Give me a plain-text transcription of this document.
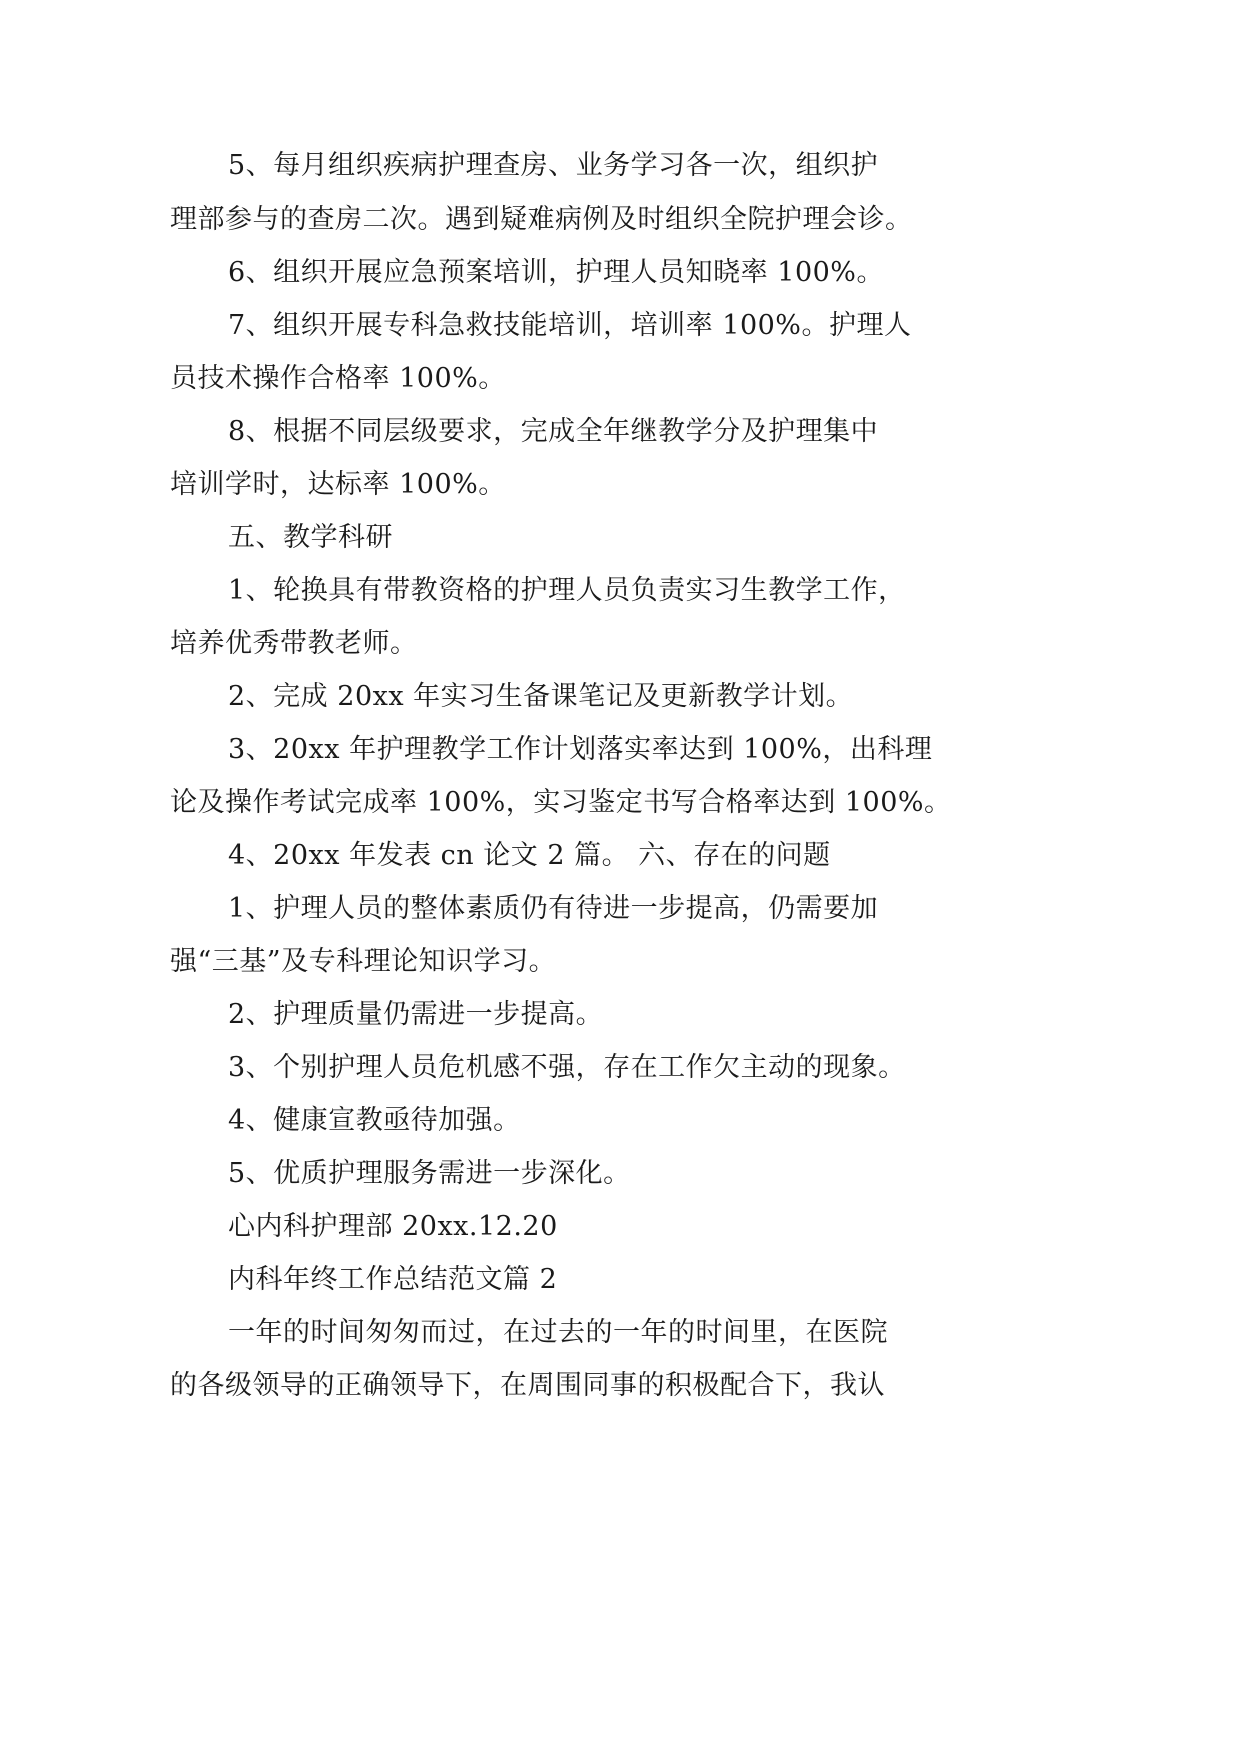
5、每月组织疾病护理查房、业务学习各一次，组织护
理部参与的查房二次。遇到疑难病例及时组织全院护理会诊。
6、组织开展应急预案培训，护理人员知晓率 100%。
7、组织开展专科急救技能培训，培训率 100%。护理人
员技术操作合格率 100%。
8、根据不同层级要求，完成全年继教学分及护理集中
培训学时，达标率 100%。
五、教学科研
1、轮换具有带教资格的护理人员负责实习生教学工作，
培养优秀带教老师。
2、完成 20xx 年实习生备课笔记及更新教学计划。
3、20xx 年护理教学工作计划落实率达到 100%，出科理
论及操作考试完成率 100%，实习鉴定书写合格率达到 100%。
4、20xx 年发表 cn 论文 2 篇。 六、存在的问题
1、护理人员的整体素质仍有待进一步提高，仍需要加
强“三基”及专科理论知识学习。
2、护理质量仍需进一步提高。
3、个别护理人员危机感不强，存在工作欠主动的现象。
4、健康宣教亟待加强。
5、优质护理服务需进一步深化。
心内科护理部 20xx.12.20
内科年终工作总结范文篇 2
一年的时间匆匆而过，在过去的一年的时间里，在医院
的各级领导的正确领导下，在周围同事的积极配合下，我认
